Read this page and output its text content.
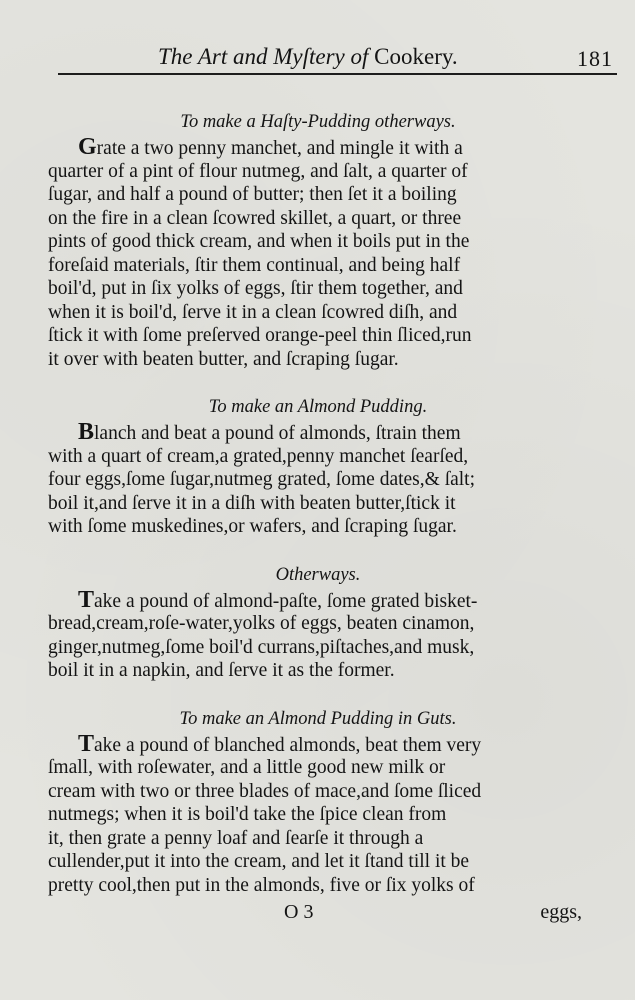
The Art and Myſtery of Cookery.	181
To make a Haſty-Pudding otherways.
Grate a two penny manchet, and mingle it with a
quarter of a pint of flour nutmeg, and ſalt, a quarter of
ſugar, and half a pound of butter; then ſet it a boiling
on the fire in a clean ſcowred skillet, a quart, or three
pints of good thick cream, and when it boils put in the
foreſaid materials, ſtir them continual, and being half
boil'd, put in ſix yolks of eggs, ſtir them together, and
when it is boil'd, ſerve it in a clean ſcowred diſh, and
ſtick it with ſome preſerved orange-peel thin ſliced,run
it over with beaten butter, and ſcraping ſugar.
To make an Almond Pudding.
Blanch and beat a pound of almonds, ſtrain them
with a quart of cream,a grated,penny manchet ſearſed,
four eggs,ſome ſugar,nutmeg grated, ſome dates,& ſalt;
boil it,and ſerve it in a diſh with beaten butter,ſtick it
with ſome muskedines,or wafers, and ſcraping ſugar.
Otherways.
Take a pound of almond-paſte, ſome grated bisket-
bread,cream,roſe-water,yolks of eggs, beaten cinamon,
ginger,nutmeg,ſome boil'd currans,piſtaches,and musk,
boil it in a napkin, and ſerve it as the former.
To make an Almond Pudding in Guts.
Take a pound of blanched almonds, beat them very
ſmall, with roſewater, and a little good new milk or
cream with two or three blades of mace,and ſome ſliced
nutmegs; when it is boil'd take the ſpice clean from
it, then grate a penny loaf and ſearſe it through a
cullender,put it into the cream, and let it ſtand till it be
pretty cool,then put in the almonds, five or ſix yolks of
O 3	eggs,
